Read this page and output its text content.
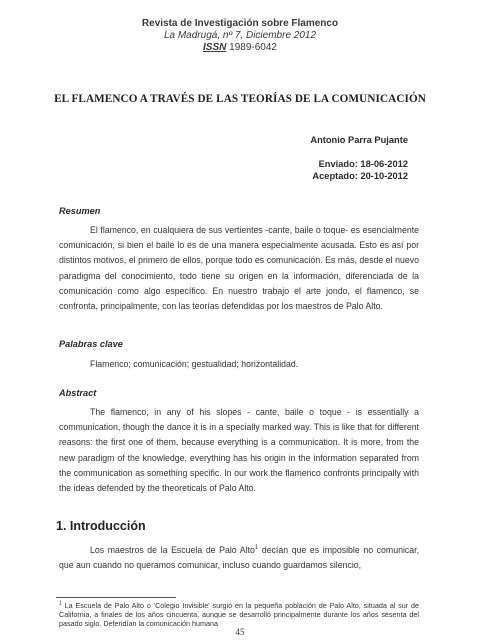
Revista de Investigación sobre Flamenco
La Madrugá, nº 7, Diciembre 2012
ISSN 1989-6042
EL FLAMENCO A TRAVÉS DE LAS TEORÍAS DE LA COMUNICACIÓN
Antonio Parra Pujante
Enviado: 18-06-2012
Aceptado: 20-10-2012
Resumen
El flamenco, en cualquiera de sus vertientes -cante, baile o toque- es esencialmente comunicación, si bien el baile lo es de una manera especialmente acusada. Esto es así por distintos motivos, el primero de ellos, porque todo es comunicación. Es más, desde el nuevo paradigma del conocimiento, todo tiene su origen en la información, diferenciada de la comunicación como algo específico. En nuestro trabajo el arte jondo, el flamenco, se confronta, principalmente, con las teorías defendidas por los maestros de Palo Alto.
Palabras clave
Flamenco; comunicación; gestualidad; horizontalidad.
Abstract
The flamenco, in any of his slopes - cante, baile o toque - is essentially a communication, though the dance it is in a specially marked way. This is like that for different reasons: the first one of them, because everything is a communication. It is more, from the new paradigm of the knowledge, everything has his origin in the information separated from the communication as something specific. In our work the flamenco confronts principally with the ideas defended by the theoreticals of Palo Alto.
1. Introducción
Los maestros de la Escuela de Palo Alto$^1$ decían que es imposible no comunicar, que aun cuando no queramos comunicar, incluso cuando guardamos silencio,
$^1$ La Escuela de Palo Alto o 'Colegio Invisible' surgió en la pequeña población de Palo Alto, situada al sur de California, a finales de los años cincuenta, aunque se desarrolló principalmente durante los años sesenta del pasado siglo. Defendían la comunicación humana
45
